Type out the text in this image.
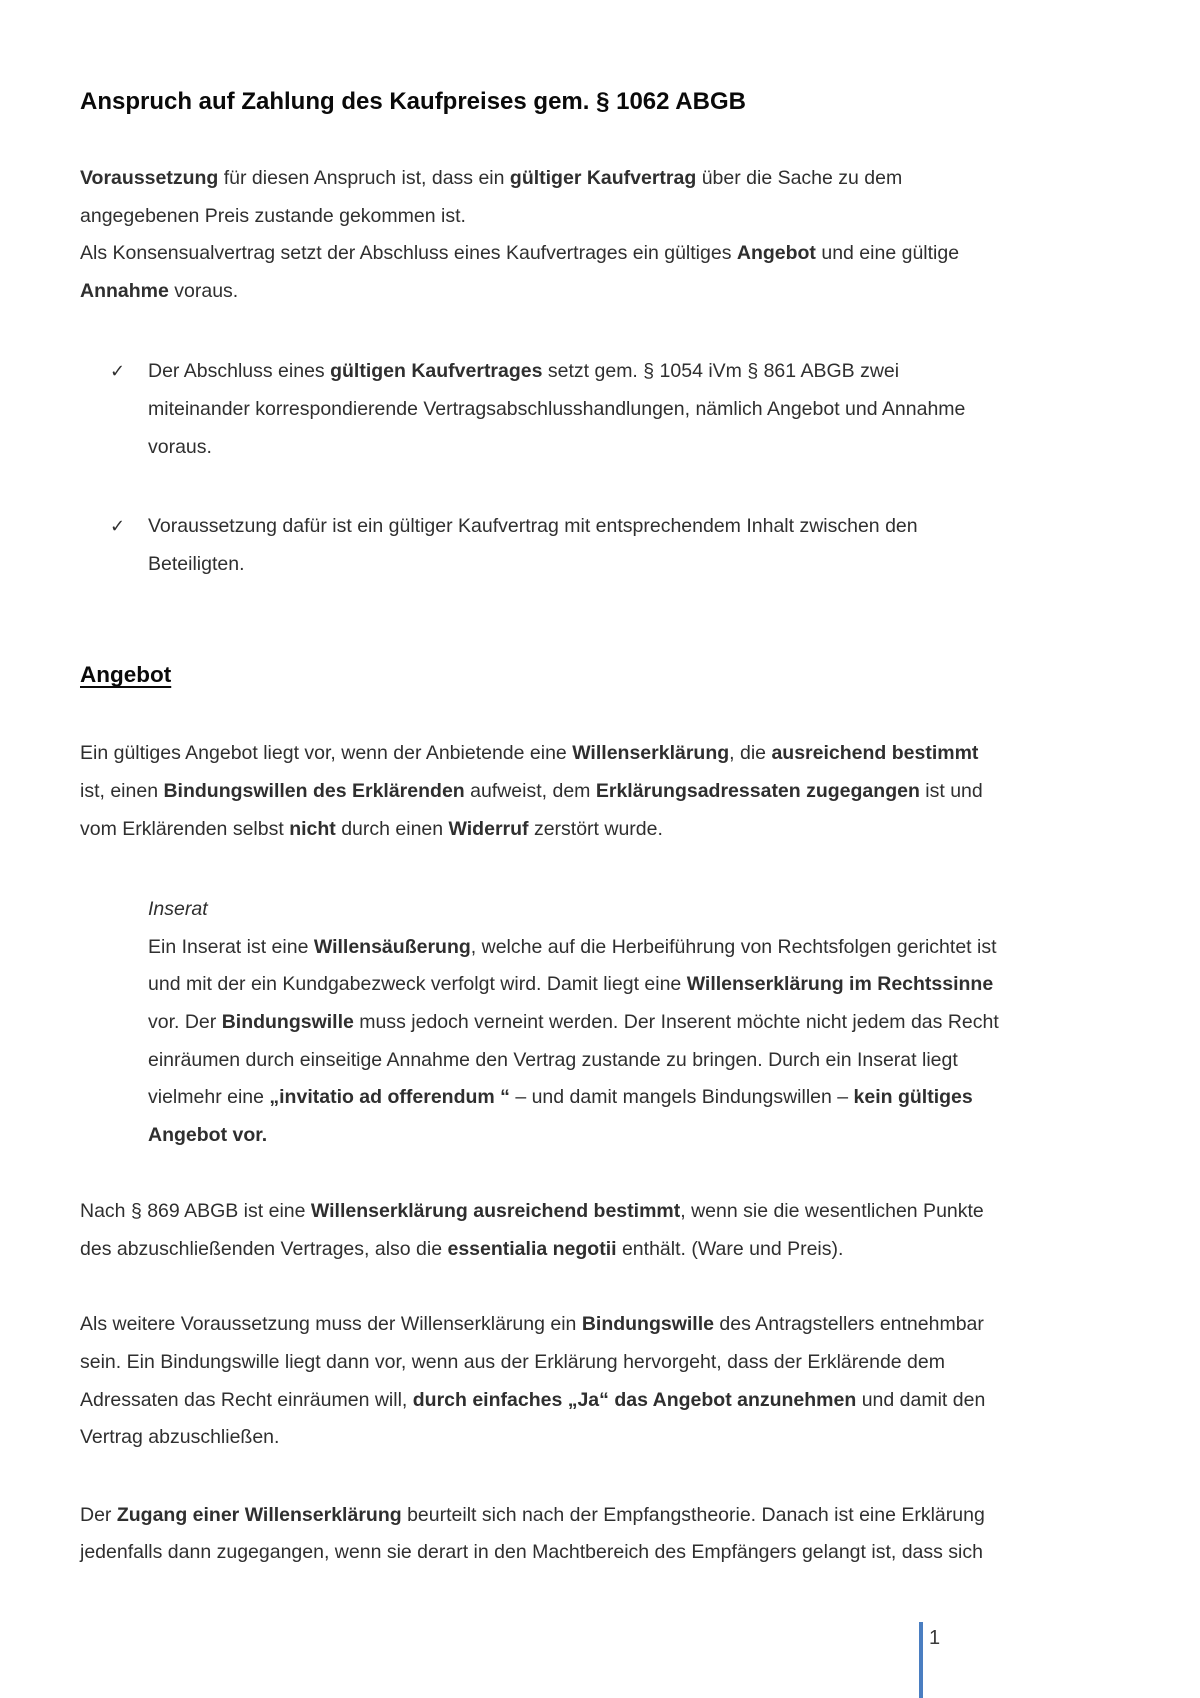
Anspruch auf Zahlung des Kaufpreises gem. § 1062 ABGB
Voraussetzung für diesen Anspruch ist, dass ein gültiger Kaufvertrag über die Sache zu dem
angegebenen Preis zustande gekommen ist.
Als Konsensualvertrag setzt der Abschluss eines Kaufvertrages ein gültiges Angebot und eine gültige
Annahme voraus.
✓	Der Abschluss eines gültigen Kaufvertrages setzt gem. § 1054 iVm § 861 ABGB zwei
miteinander korrespondierende Vertragsabschlusshandlungen, nämlich Angebot und Annahme
voraus.
✓	Voraussetzung dafür ist ein gültiger Kaufvertrag mit entsprechendem Inhalt zwischen den
Beteiligten.
Angebot
Ein gültiges Angebot liegt vor, wenn der Anbietende eine Willenserklärung, die ausreichend bestimmt
ist, einen Bindungswillen des Erklärenden aufweist, dem Erklärungsadressaten zugegangen ist und
vom Erklärenden selbst nicht durch einen Widerruf zerstört wurde.
Inserat
Ein Inserat ist eine Willensäußerung, welche auf die Herbeiführung von Rechtsfolgen gerichtet ist
und mit der ein Kundgabezweck verfolgt wird. Damit liegt eine Willenserklärung im Rechtssinne
vor. Der Bindungswille muss jedoch verneint werden. Der Inserent möchte nicht jedem das Recht
einräumen durch einseitige Annahme den Vertrag zustande zu bringen. Durch ein Inserat liegt
vielmehr eine „invitatio ad offerendum “ – und damit mangels Bindungswillen – kein gültiges
Angebot vor.
Nach § 869 ABGB ist eine Willenserklärung ausreichend bestimmt, wenn sie die wesentlichen Punkte
des abzuschließenden Vertrages, also die essentialia negotii enthält. (Ware und Preis).
Als weitere Voraussetzung muss der Willenserklärung ein Bindungswille des Antragstellers entnehmbar
sein. Ein Bindungswille liegt dann vor, wenn aus der Erklärung hervorgeht, dass der Erklärende dem
Adressaten das Recht einräumen will, durch einfaches „Ja“ das Angebot anzunehmen und damit den
Vertrag abzuschließen.
Der Zugang einer Willenserklärung beurteilt sich nach der Empfangstheorie. Danach ist eine Erklärung
jedenfalls dann zugegangen, wenn sie derart in den Machtbereich des Empfängers gelangt ist, dass sich
1
